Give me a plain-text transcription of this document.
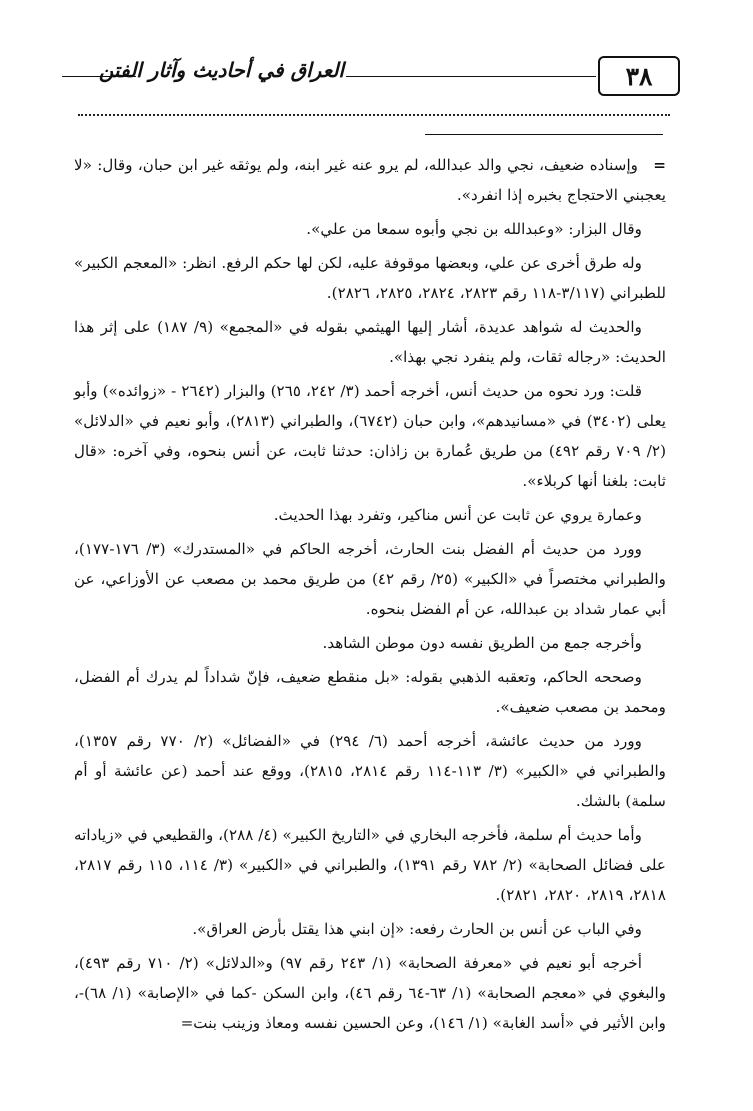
٣٨
العراق في أحاديث وآثار الفتن

=وإسناده ضعيف، نجي والد عبدالله، لم يرو عنه غير ابنه، ولم يوثقه غير ابن حبان، وقال: «لا يعجبني الاحتجاج بخبره إذا انفرد».

وقال البزار: «وعبدالله بن نجي وأبوه سمعا من علي».

وله طرق أخرى عن علي، وبعضها موقوفة عليه، لكن لها حكم الرفع. انظر: «المعجم الكبير» للطبراني (٣/١١٧-١١٨ رقم ٢٨٢٣، ٢٨٢٤، ٢٨٢٥، ٢٨٢٦).

والحديث له شواهد عديدة، أشار إليها الهيثمي بقوله في «المجمع» (٩/ ١٨٧) على إثر هذا الحديث: «رجاله ثقات، ولم ينفرد نجي بهذا».

قلت: ورد نحوه من حديث أنس، أخرجه أحمد (٣/ ٢٤٢، ٢٦٥) والبزار (٢٦٤٢ - «زوائده») وأبو يعلى (٣٤٠٢) في «مسانيدهم»، وابن حبان (٦٧٤٢)، والطبراني (٢٨١٣)، وأبو نعيم في «الدلائل» (٢/ ٧٠٩ رقم ٤٩٢) من طريق عُمارة بن زاذان: حدثنا ثابت، عن أنس بنحوه، وفي آخره: «قال ثابت: بلغنا أنها كربلاء».

وعمارة يروي عن ثابت عن أنس مناكير، وتفرد بهذا الحديث.

وورد من حديث أم الفضل بنت الحارث، أخرجه الحاكم في «المستدرك» (٣/ ١٧٦-١٧٧)، والطبراني مختصراً في «الكبير» (٢٥/ رقم ٤٢) من طريق محمد بن مصعب عن الأوزاعي، عن أبي عمار شداد بن عبدالله، عن أم الفضل بنحوه.

وأخرجه جمع من الطريق نفسه دون موطن الشاهد.

وصححه الحاكم، وتعقبه الذهبي بقوله: «بل منقطع ضعيف، فإنّ شداداً لم يدرك أم الفضل، ومحمد بن مصعب ضعيف».

وورد من حديث عائشة، أخرجه أحمد (٦/ ٢٩٤) في «الفضائل» (٢/ ٧٧٠ رقم ١٣٥٧)، والطبراني في «الكبير» (٣/ ١١٣-١١٤ رقم ٢٨١٤، ٢٨١٥)، ووقع عند أحمد (عن عائشة أو أم سلمة) بالشك.

وأما حديث أم سلمة، فأخرجه البخاري في «التاريخ الكبير» (٤/ ٢٨٨)، والقطيعي في «زياداته على فضائل الصحابة» (٢/ ٧٨٢ رقم ١٣٩١)، والطبراني في «الكبير» (٣/ ١١٤، ١١٥ رقم ٢٨١٧، ٢٨١٨، ٢٨١٩، ٢٨٢٠، ٢٨٢١).

وفي الباب عن أنس بن الحارث رفعه: «إن ابني هذا يقتل بأرض العراق».

أخرجه أبو نعيم في «معرفة الصحابة» (١/ ٢٤٣ رقم ٩٧) و«الدلائل» (٢/ ٧١٠ رقم ٤٩٣)، والبغوي في «معجم الصحابة» (١/ ٦٣-٦٤ رقم ٤٦)، وابن السكن -كما في «الإصابة» (١/ ٦٨)-، وابن الأثير في «أسد الغابة» (١/ ١٤٦)، وعن الحسين نفسه ومعاذ وزينب بنت=
